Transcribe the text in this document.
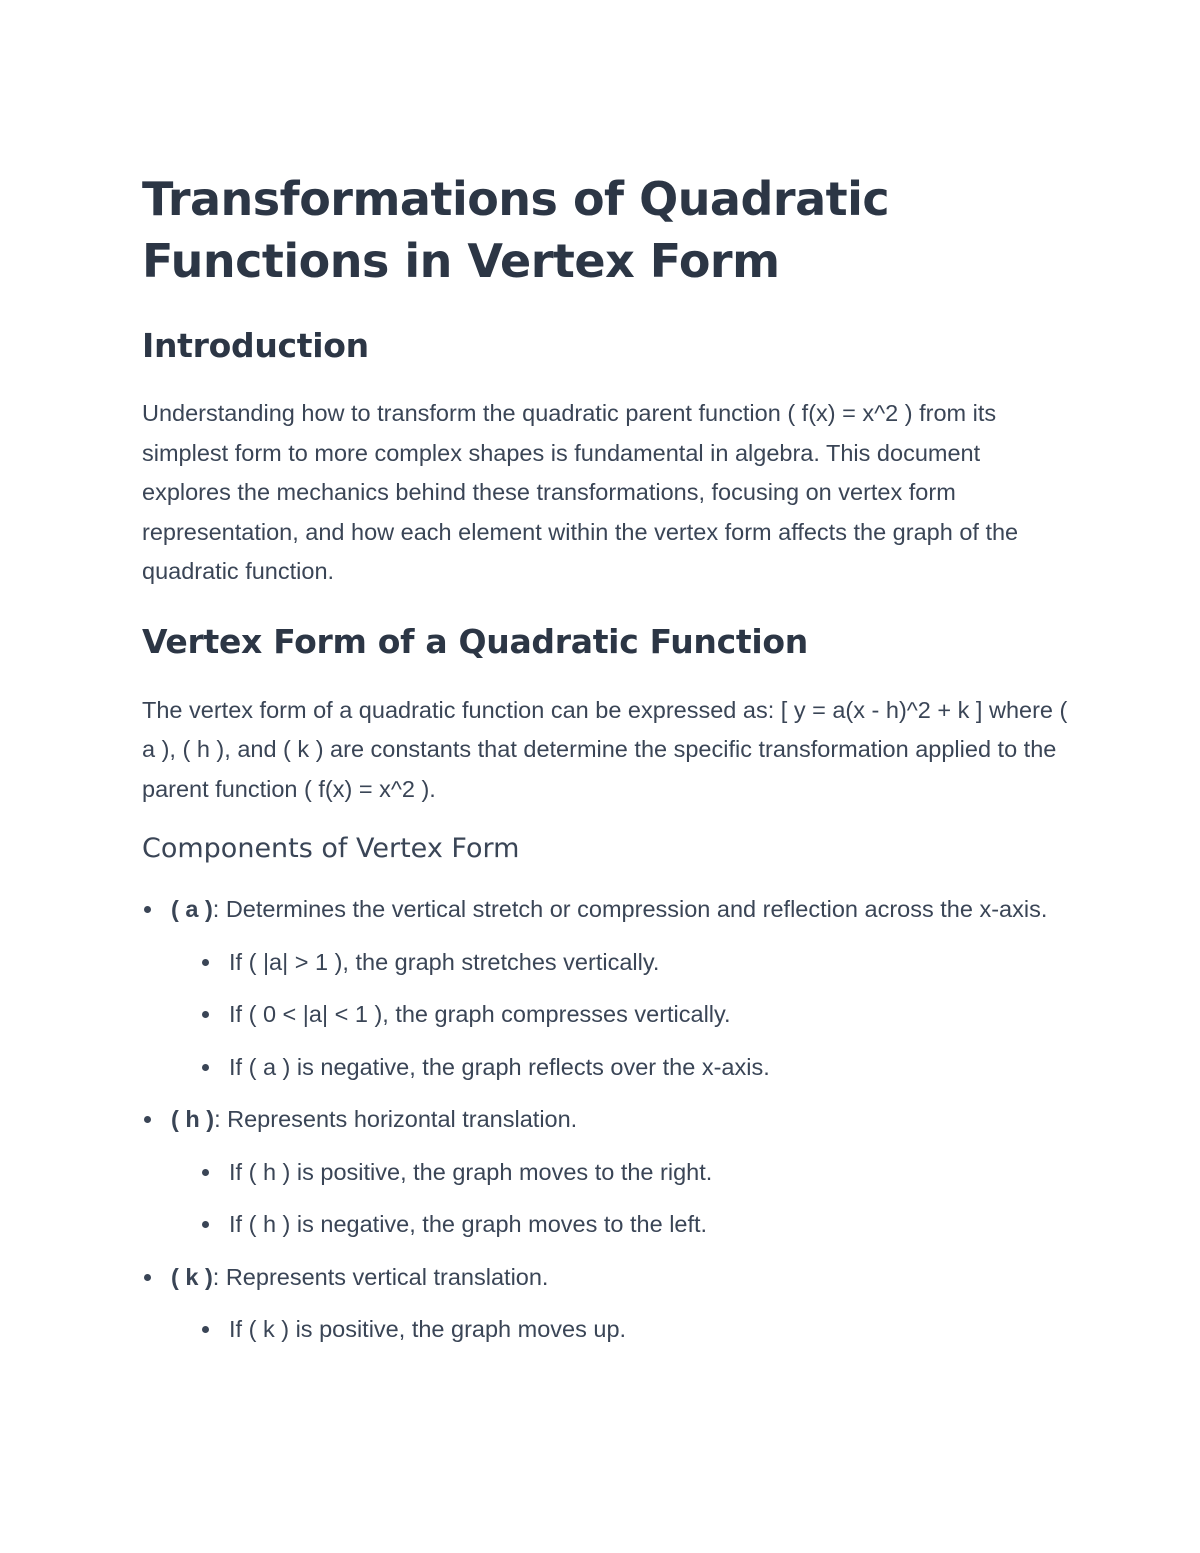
Transformations of Quadratic Functions in Vertex Form
Introduction

Understanding how to transform the quadratic parent function ( f(x) = x^2 ) from its simplest form to more complex shapes is fundamental in algebra. This document explores the mechanics behind these transformations, focusing on vertex form representation, and how each element within the vertex form affects the graph of the quadratic function.

Vertex Form of a Quadratic Function

The vertex form of a quadratic function can be expressed as: [ y = a(x - h)^2 + k ] where ( a ), ( h ), and ( k ) are constants that determine the specific transformation applied to the parent function ( f(x) = x^2 ).

Components of Vertex Form
( a ): Determines the vertical stretch or compression and reflection across the x-axis.
If ( |a| > 1 ), the graph stretches vertically.
If ( 0 < |a| < 1 ), the graph compresses vertically.
If ( a ) is negative, the graph reflects over the x-axis.
( h ): Represents horizontal translation.
If ( h ) is positive, the graph moves to the right.
If ( h ) is negative, the graph moves to the left.
( k ): Represents vertical translation.
If ( k ) is positive, the graph moves up.
